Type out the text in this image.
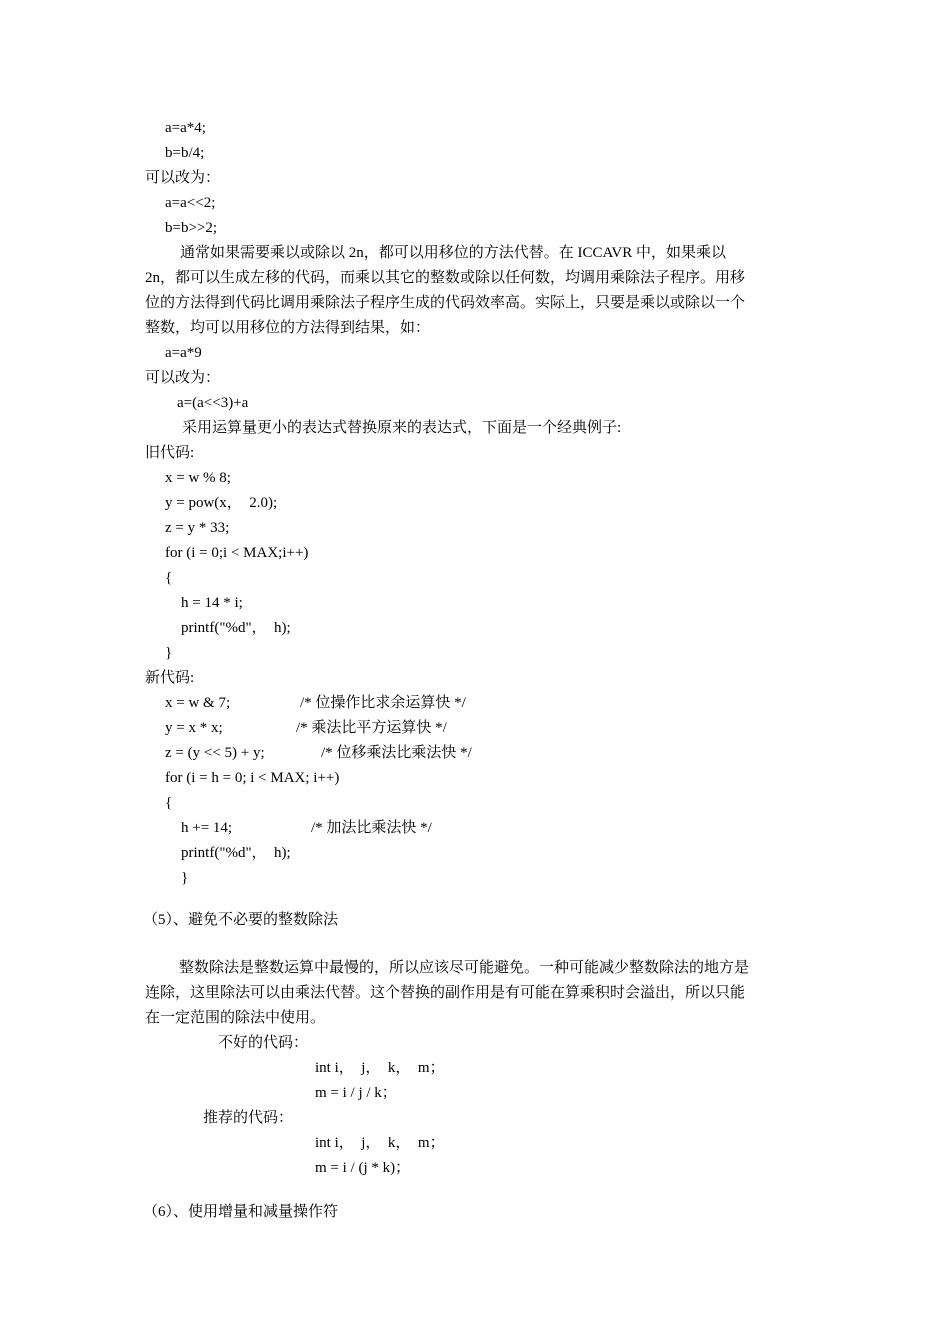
a=a*4;
b=b/4;
可以改为：
a=a<<2;
b=b>>2;
通常如果需要乘以或除以 2n，都可以用移位的方法代替。在 ICCAVR 中，如果乘以
2n，都可以生成左移的代码，而乘以其它的整数或除以任何数，均调用乘除法子程序。用移
位的方法得到代码比调用乘除法子程序生成的代码效率高。实际上，只要是乘以或除以一个
整数，均可以用移位的方法得到结果，如：
a=a*9
可以改为：
a=(a<<3)+a
采用运算量更小的表达式替换原来的表达式，下面是一个经典例子:
旧代码:
x = w % 8;
y = pow(x，  2.0);
z = y * 33;
for (i = 0;i < MAX;i++)
{
h = 14 * i;
printf("%d"，  h);
}
新代码:
x = w & 7;	/* 位操作比求余运算快 */
y = x * x;	/* 乘法比平方运算快 */
z = (y << 5) + y;	/* 位移乘法比乘法快 */
for (i = h = 0; i < MAX; i++)
{
h += 14;	/* 加法比乘法快 */
printf("%d"，  h);
}
（5）、避免不必要的整数除法
整数除法是整数运算中最慢的，所以应该尽可能避免。一种可能减少整数除法的地方是
连除，这里除法可以由乘法代替。这个替换的副作用是有可能在算乘积时会溢出，所以只能
在一定范围的除法中使用。
不好的代码：
int i，  j，  k，  m；
m = i / j / k；
推荐的代码：
int i，  j，  k，  m；
m = i / (j * k)；
（6）、使用增量和减量操作符
